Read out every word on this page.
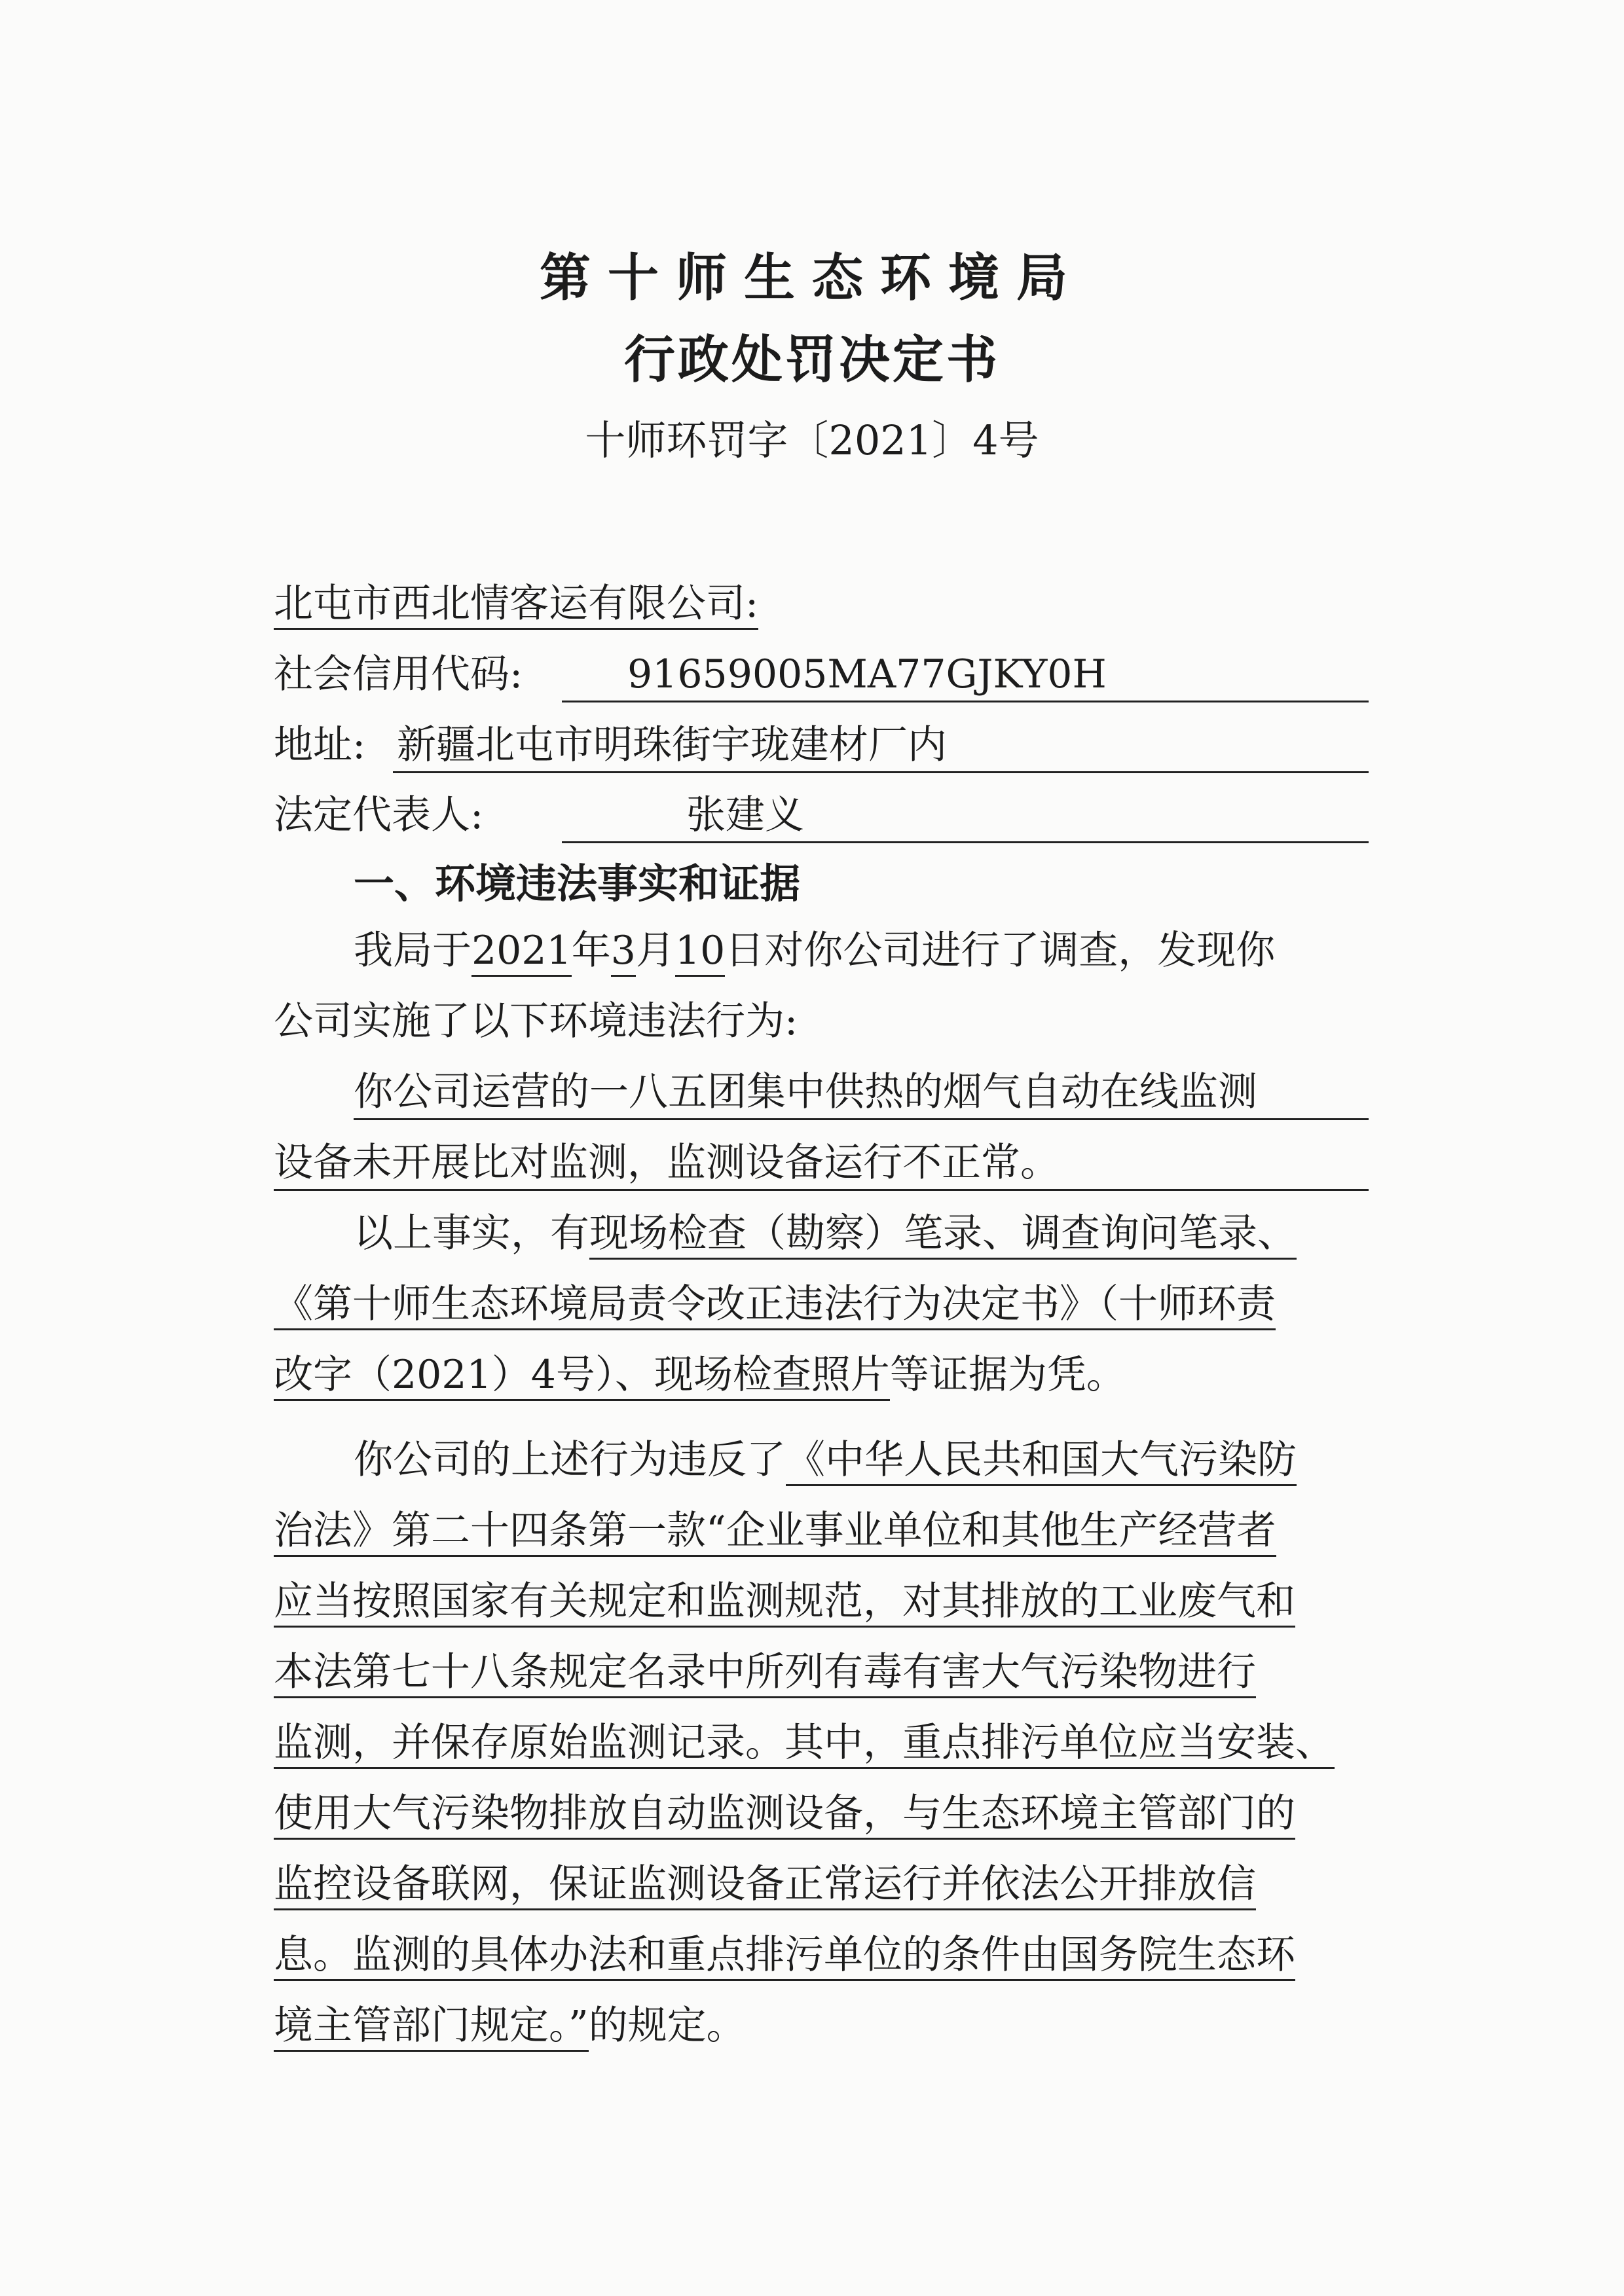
第十师生态环境局
行政处罚决定书
十师环罚字〔2021〕4号
北屯市西北情客运有限公司:
社会信用代码:	91659005MA77GJKY0H
地址: 新疆北屯市明珠街宇珑建材厂内
法定代表人:	张建义
一、环境违法事实和证据
我局于2021年3月10日对你公司进行了调查，发现你
公司实施了以下环境违法行为:
你公司运营的一八五团集中供热的烟气自动在线监测
设备未开展比对监测，监测设备运行不正常。
以上事实，有现场检查（勘察）笔录、调查询问笔录、
《第十师生态环境局责令改正违法行为决定书》（十师环责
改字（2021）4号）、现场检查照片等证据为凭。
你公司的上述行为违反了《中华人民共和国大气污染防
治法》第二十四条第一款“企业事业单位和其他生产经营者
应当按照国家有关规定和监测规范，对其排放的工业废气和
本法第七十八条规定名录中所列有毒有害大气污染物进行
监测，并保存原始监测记录。其中，重点排污单位应当安装、
使用大气污染物排放自动监测设备，与生态环境主管部门的
监控设备联网，保证监测设备正常运行并依法公开排放信
息。监测的具体办法和重点排污单位的条件由国务院生态环
境主管部门规定。”的规定。
